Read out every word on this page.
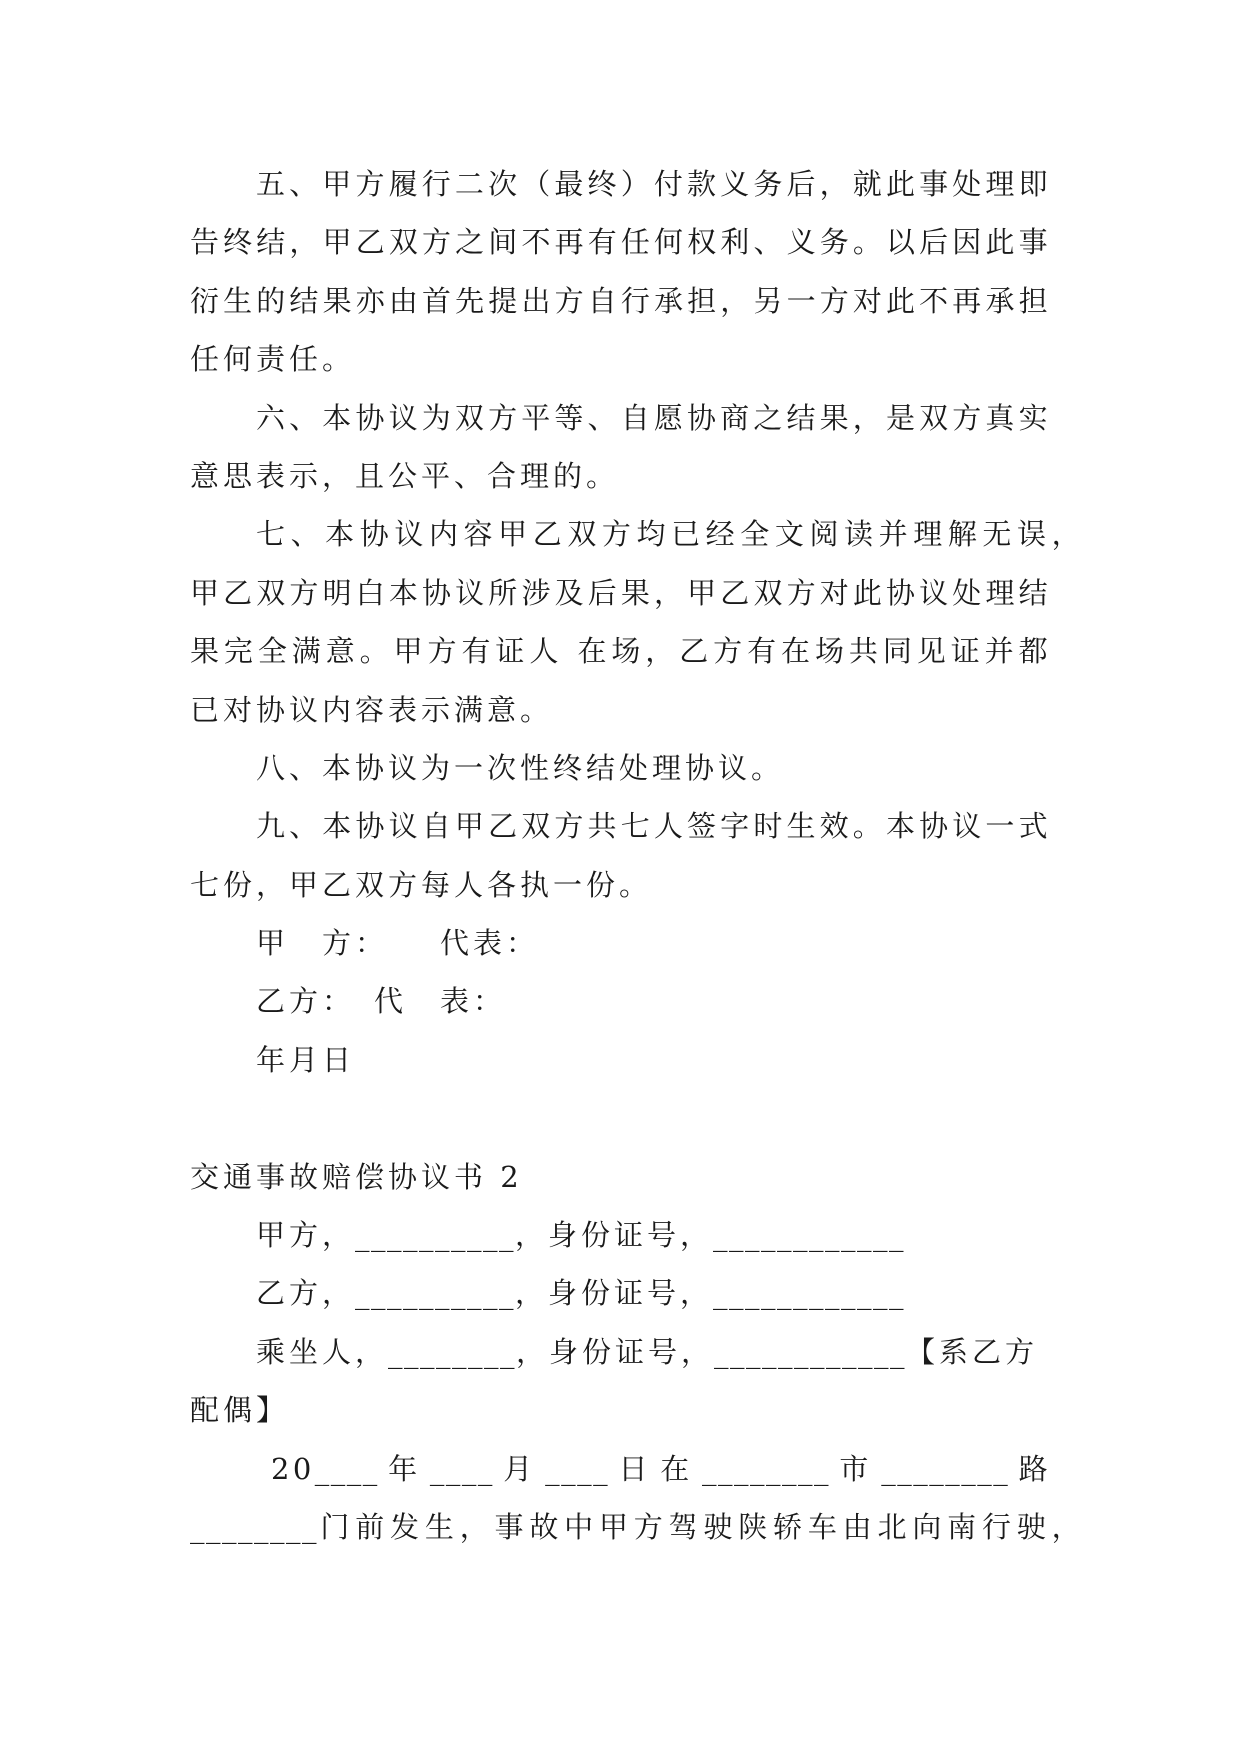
五、甲方履行二次（最终）付款义务后，就此事处理即
告终结，甲乙双方之间不再有任何权利、义务。以后因此事
衍生的结果亦由首先提出方自行承担，另一方对此不再承担
任何责任。
六、本协议为双方平等、自愿协商之结果，是双方真实
意思表示，且公平、合理的。
七、本协议内容甲乙双方均已经全文阅读并理解无误，
甲乙双方明白本协议所涉及后果，甲乙双方对此协议处理结
果完全满意。甲方有证人 在场，乙方有在场共同见证并都
已对协议内容表示满意。
八、本协议为一次性终结处理协议。
九、本协议自甲乙双方共七人签字时生效。本协议一式
七份，甲乙双方每人各执一份。
甲　方： 代表：
乙方： 代　表：
年月日
交通事故赔偿协议书 2
甲方，__________，身份证号，____________
乙方，__________，身份证号，____________
乘坐人，________，身份证号，____________【系乙方
配偶】
20____年____月____日在________市________路
________门前发生，事故中甲方驾驶陕轿车由北向南行驶，
